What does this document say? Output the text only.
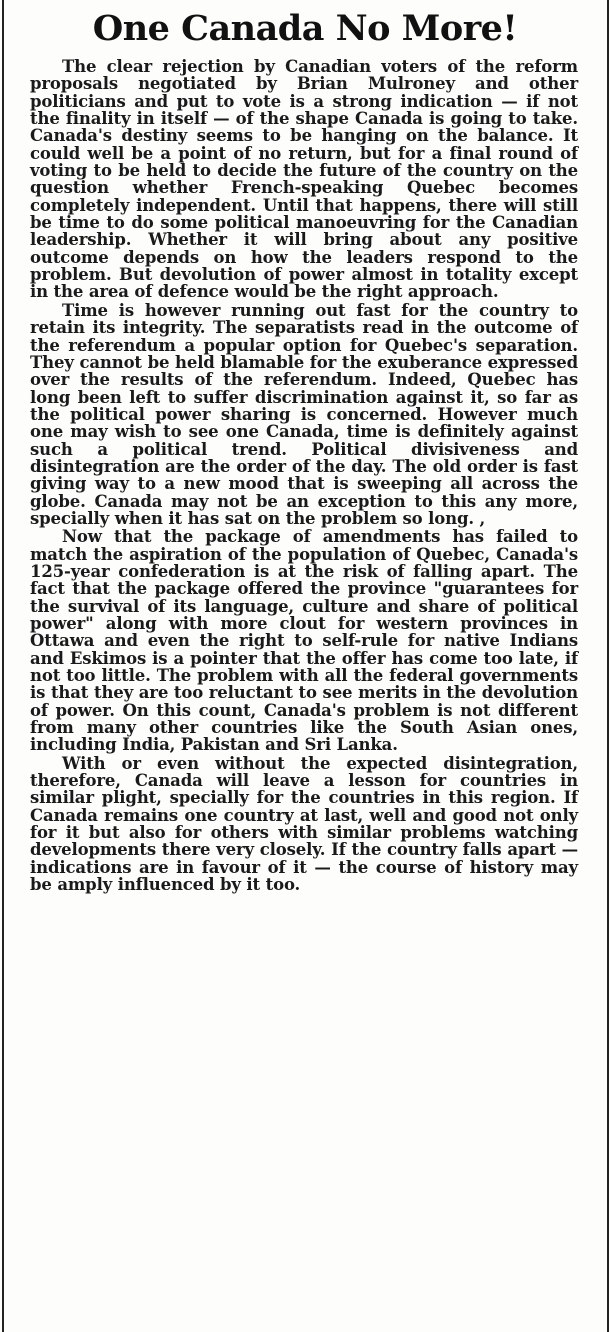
One Canada No More!

The clear rejection by Canadian voters of the reform proposals negotiated by Brian Mulroney and other politicians and put to vote is a strong indication — if not the finality in itself — of the shape Canada is going to take. Canada's destiny seems to be hanging on the balance. It could well be a point of no return, but for a final round of voting to be held to decide the future of the country on the question whether French-speaking Quebec becomes completely independent. Until that happens, there will still be time to do some political manoeuvring for the Canadian leadership. Whether it will bring about any positive outcome depends on how the leaders respond to the problem. But devolution of power almost in totality except in the area of defence would be the right approach.

Time is however running out fast for the country to retain its integrity. The separatists read in the outcome of the referendum a popular option for Quebec's separation. They cannot be held blamable for the exuberance expressed over the results of the referendum. Indeed, Quebec has long been left to suffer discrimination against it, so far as the political power sharing is concerned. However much one may wish to see one Canada, time is definitely against such a political trend. Political divisiveness and disintegration are the order of the day. The old order is fast giving way to a new mood that is sweeping all across the globe. Canada may not be an exception to this any more, specially when it has sat on the problem so long. ,

Now that the package of amendments has failed to match the aspiration of the population of Quebec, Canada's 125-year confederation is at the risk of falling apart. The fact that the package offered the province "guarantees for the survival of its language, culture and share of political power" along with more clout for western provinces in Ottawa and even the right to self-rule for native Indians and Eskimos is a pointer that the offer has come too late, if not too little. The problem with all the federal governments is that they are too reluctant to see merits in the devolution of power. On this count, Canada's problem is not different from many other countries like the South Asian ones, including India, Pakistan and Sri Lanka.

With or even without the expected disintegration, therefore, Canada will leave a lesson for countries in similar plight, specially for the countries in this region. If Canada remains one country at last, well and good not only for it but also for others with similar problems watching developments there very closely. If the country falls apart — indications are in favour of it — the course of history may be amply influenced by it too.
